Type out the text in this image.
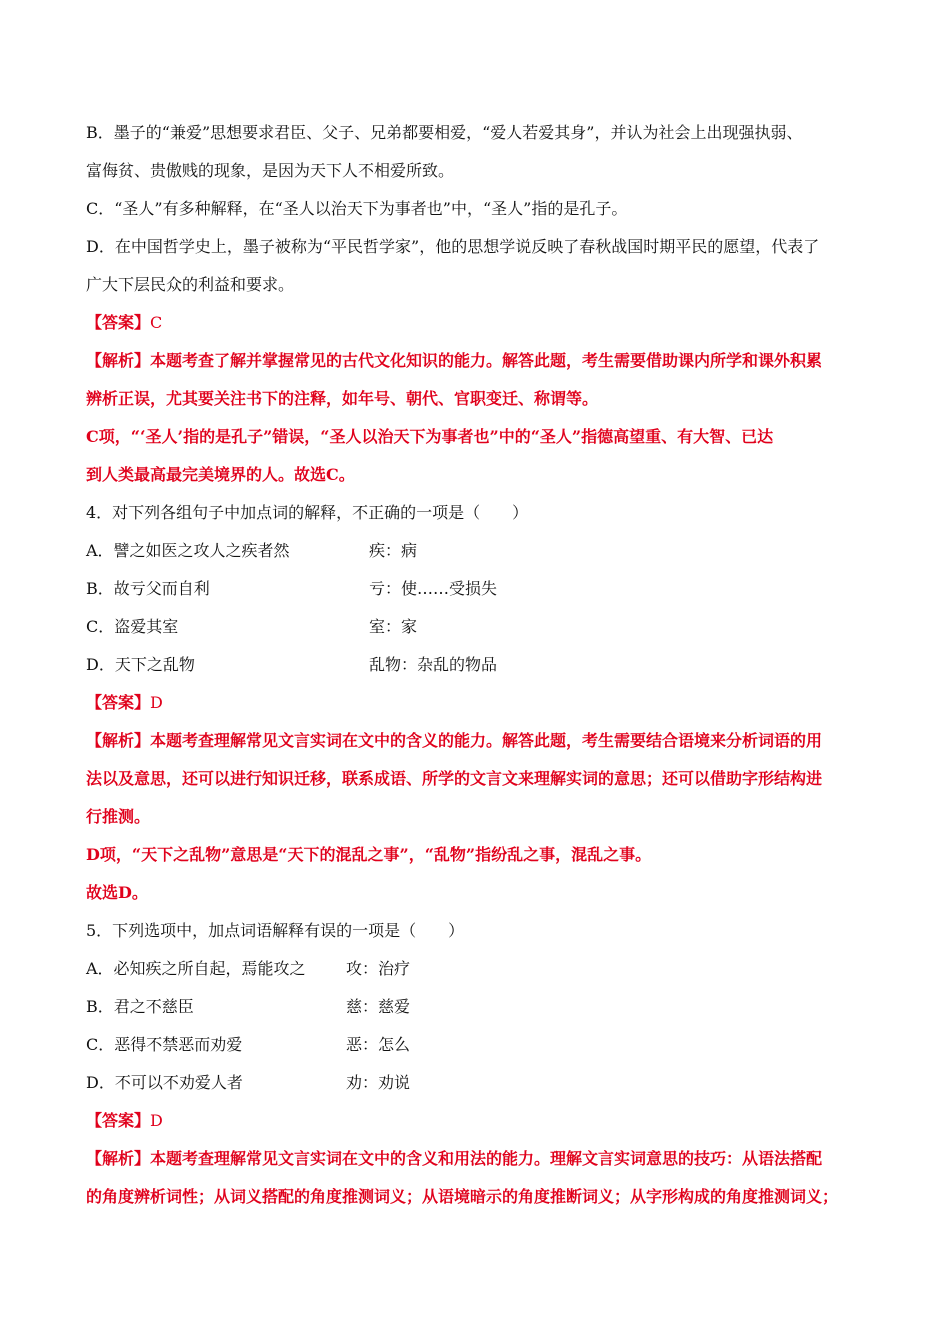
B．墨子的“兼爱”思想要求君臣、父子、兄弟都要相爱，“爱人若爱其身”，并认为社会上出现强执弱、
富侮贫、贵傲贱的现象，是因为天下人不相爱所致。
C．“圣人”有多种解释，在“圣人以治天下为事者也”中，“圣人”指的是孔子。
D．在中国哲学史上，墨子被称为“平民哲学家”，他的思想学说反映了春秋战国时期平民的愿望，代表了
广大下层民众的利益和要求。
【答案】C
【解析】本题考查了解并掌握常见的古代文化知识的能力。解答此题，考生需要借助课内所学和课外积累
辨析正误，尤其要关注书下的注释，如年号、朝代、官职变迁、称谓等。
C项，“‘圣人’指的是孔子”错误，“圣人以治天下为事者也”中的“圣人”指德高望重、有大智、已达
到人类最高最完美境界的人。故选C。
4．对下列各组句子中加点词的解释，不正确的一项是（　　）
A．譬之如医之攻人之疾者然	疾：病
B．故亏父而自利	亏：使……受损失
C．盗爱其室	室：家
D．天下之乱物	乱物：杂乱的物品
【答案】D
【解析】本题考查理解常见文言实词在文中的含义的能力。解答此题，考生需要结合语境来分析词语的用
法以及意思，还可以进行知识迁移，联系成语、所学的文言文来理解实词的意思；还可以借助字形结构进
行推测。
D项，“天下之乱物”意思是“天下的混乱之事”，“乱物”指纷乱之事，混乱之事。
故选D。
5．下列选项中，加点词语解释有误的一项是（　　）
A．必知疾之所自起，焉能攻之	攻：治疗
B．君之不慈臣	慈：慈爱
C．恶得不禁恶而劝爱	恶：怎么
D．不可以不劝爱人者	劝：劝说
【答案】D
【解析】本题考查理解常见文言实词在文中的含义和用法的能力。理解文言实词意思的技巧：从语法搭配
的角度辨析词性；从词义搭配的角度推测词义；从语境暗示的角度推断词义；从字形构成的角度推测词义；
